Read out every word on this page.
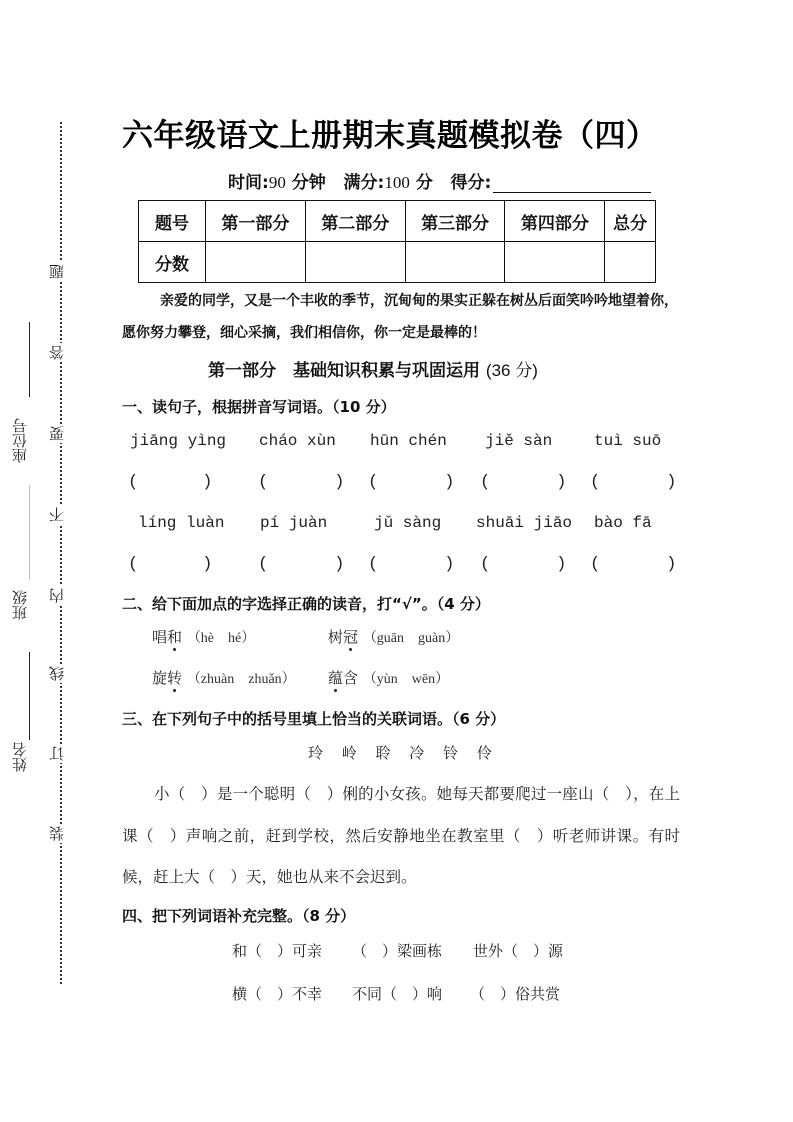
座位号
班级
姓名
题
答
要
不
内
线
订
装
六年级语文上册期末真题模拟卷（四）
时间:90 分钟 满分:100 分 得分:
题号	第一部分	第二部分	第三部分	第四部分	总分
分数					
亲爱的同学，又是一个丰收的季节，沉甸甸的果实正躲在树丛后面笑吟吟地望着你，愿你努力攀登，细心采摘，我们相信你，你一定是最棒的！
第一部分　基础知识积累与巩固运用 (36 分)
一、读句子，根据拼音写词语。（10 分）
jiāng yìng cháo xùn hūn chén jiě sàn	tuì suō
(	)	(	) (	) (	) (	)
líng luàn pí juàn	jǔ sàng shuāi jiāo bào fā
(	)	(	) (	) (	) (	)
二、给下面加点的字选择正确的读音，打“√”。（4 分）
唱和 （hè　hé）	树冠 （guān　guàn）
旋转 （zhuàn　zhuǎn） 蕴含 （yùn　wēn）
三、在下列句子中的括号里填上恰当的关联词语。（6 分）
玲 岭 聆 冷 铃 伶
小（　）是一个聪明（　）俐的小女孩。她每天都要爬过一座山（　），在上课（　）声响之前，赶到学校，然后安静地坐在教室里（　）听老师讲课。有时候，赶上大（　）天，她也从来不会迟到。
四、把下列词语补充完整。（8 分）
和（　）可亲 （　）梁画栋 世外（　）源
横（　）不幸 不同（　）响 （　）俗共赏
